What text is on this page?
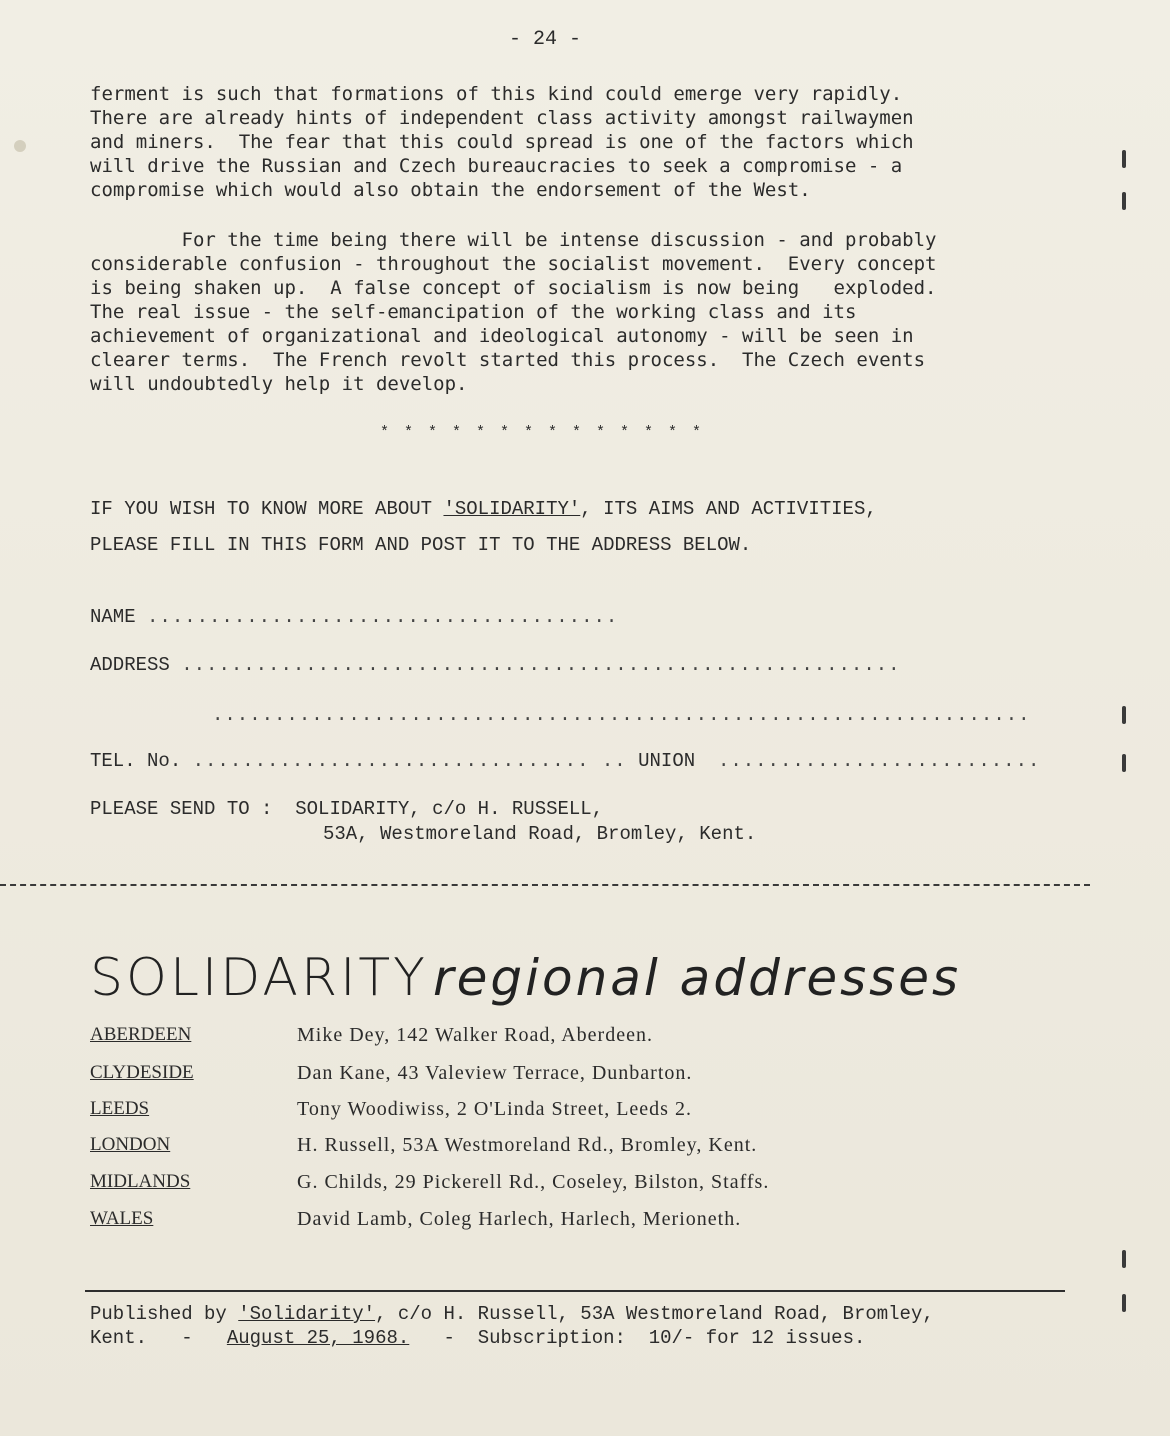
- 24 -
ferment is such that formations of this kind could emerge very rapidly.
There are already hints of independent class activity amongst railwaymen
and miners.  The fear that this could spread is one of the factors which
will drive the Russian and Czech bureaucracies to seek a compromise - a
compromise which would also obtain the endorsement of the West.
For the time being there will be intense discussion - and probably
considerable confusion - throughout the socialist movement.  Every concept
is being shaken up.  A false concept of socialism is now being   exploded.
The real issue - the self-emancipation of the working class and its
achievement of organizational and ideological autonomy - will be seen in
clearer terms.  The French revolt started this process.  The Czech events
will undoubtedly help it develop.
* * * * * * * * * * * * * *
IF YOU WISH TO KNOW MORE ABOUT 'SOLIDARITY', ITS AIMS AND ACTIVITIES,
PLEASE FILL IN THIS FORM AND POST IT TO THE ADDRESS BELOW.
NAME ......................................
ADDRESS ..........................................................
..................................................................
TEL. No. ................................ .. UNION ..........................
PLEASE SEND TO : SOLIDARITY, c/o H. RUSSELL,
53A, Westmoreland Road, Bromley, Kent.
SOLIDARITY regional addresses
ABERDEEN	Mike Dey, 142 Walker Road, Aberdeen.
CLYDESIDE	Dan Kane, 43 Valeview Terrace, Dunbarton.
LEEDS	Tony Woodiwiss, 2 O'Linda Street, Leeds 2.
LONDON	H. Russell, 53A Westmoreland Rd., Bromley, Kent.
MIDLANDS	G. Childs, 29 Pickerell Rd., Coseley, Bilston, Staffs.
WALES	David Lamb, Coleg Harlech, Harlech, Merioneth.
Published by 'Solidarity', c/o H. Russell, 53A Westmoreland Road, Bromley,
Kent.   -   August 25, 1968.   -  Subscription:  10/- for 12 issues.
